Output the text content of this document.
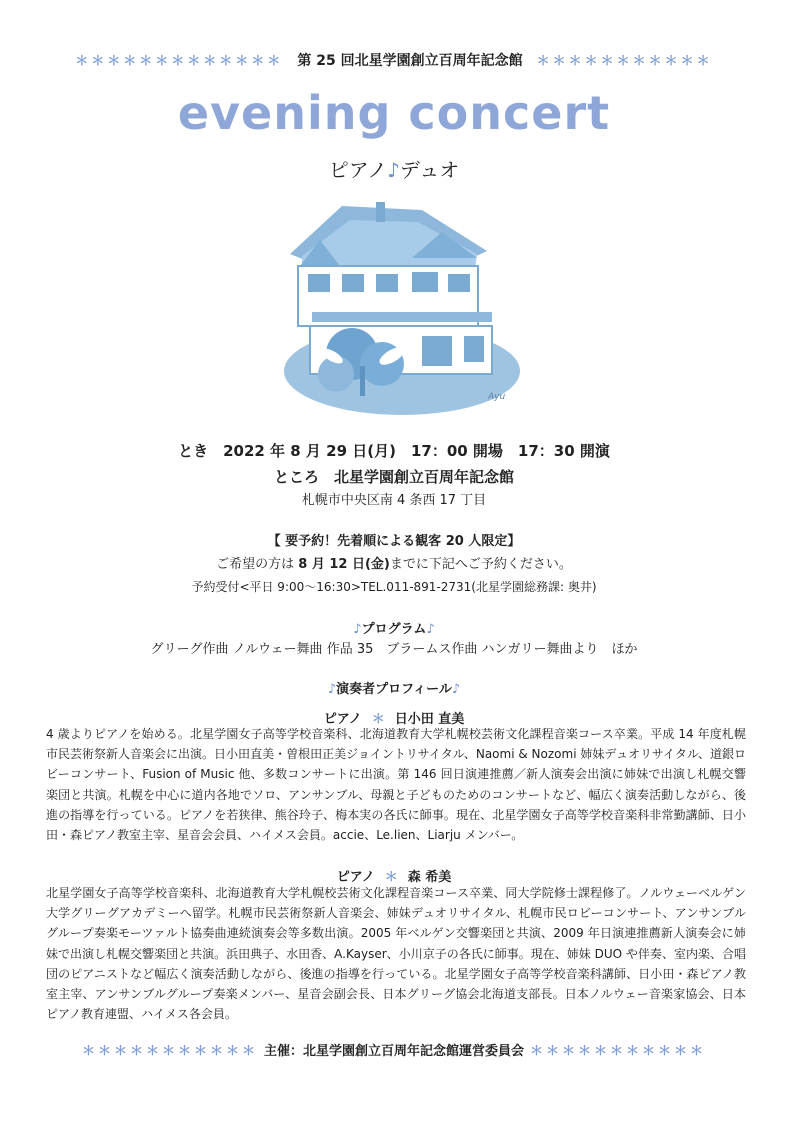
＊＊＊＊＊＊＊＊＊＊＊＊＊ 第 25 回北星学園創立百周年記念館 ＊＊＊＊＊＊＊＊＊＊＊
evening concert
ピアノ♪デュオ
Ayu
とき　2022 年 8 月 29 日(月)　17：00 開場　17：30 開演
ところ　北星学園創立百周年記念館
札幌市中央区南 4 条西 17 丁目
【 要予約！先着順による観客 20 人限定】
ご希望の方は 8 月 12 日(金)までに下記へご予約ください。
予約受付<平日 9:00～16:30>TEL.011-891-2731(北星学園総務課: 奥井)
♪プログラム♪
グリーグ作曲 ノルウェー舞曲 作品 35　ブラームス作曲 ハンガリー舞曲より　ほか
♪演奏者プロフィール♪
ピアノ ＊ 日小田 直美
4 歳よりピアノを始める。北星学園女子高等学校音楽科、北海道教育大学札幌校芸術文化課程音楽コース卒業。平成 14 年度札幌市民芸術祭新人音楽会に出演。日小田直美・曽根田正美ジョイントリサイタル、Naomi & Nozomi 姉妹デュオリサイタル、道銀ロビーコンサート、Fusion of Music 他、多数コンサートに出演。第 146 回日演連推薦／新人演奏会出演に姉妹で出演し札幌交響楽団と共演。札幌を中心に道内各地でソロ、アンサンブル、母親と子どものためのコンサートなど、幅広く演奏活動しながら、後進の指導を行っている。ピアノを若狭律、熊谷玲子、梅本実の各氏に師事。現在、北星学園女子高等学校音楽科非常勤講師、日小田・森ピアノ教室主宰、星音会会員、ハイメス会員。accie、Le.lien、Liarju メンバー。
ピアノ ＊ 森 希美
北星学園女子高等学校音楽科、北海道教育大学札幌校芸術文化課程音楽コース卒業、同大学院修士課程修了。ノルウェーベルゲン大学グリーグアカデミーへ留学。札幌市民芸術祭新人音楽会、姉妹デュオリサイタル、札幌市民ロビーコンサート、アンサンブルグループ奏楽モーツァルト協奏曲連続演奏会等多数出演。2005 年ベルゲン交響楽団と共演、2009 年日演連推薦新人演奏会に姉妹で出演し札幌交響楽団と共演。浜田典子、水田香、A.Kayser、小川京子の各氏に師事。現在、姉妹 DUO や伴奏、室内楽、合唱団のピアニストなど幅広く演奏活動しながら、後進の指導を行っている。北星学園女子高等学校音楽科講師、日小田・森ピアノ教室主宰、アンサンブルグループ奏楽メンバー、星音会副会長、日本グリーグ協会北海道支部長。日本ノルウェー音楽家協会、日本ピアノ教育連盟、ハイメス各会員。
＊＊＊＊＊＊＊＊＊＊＊ 主催：北星学園創立百周年記念館運営委員会 ＊＊＊＊＊＊＊＊＊＊＊
